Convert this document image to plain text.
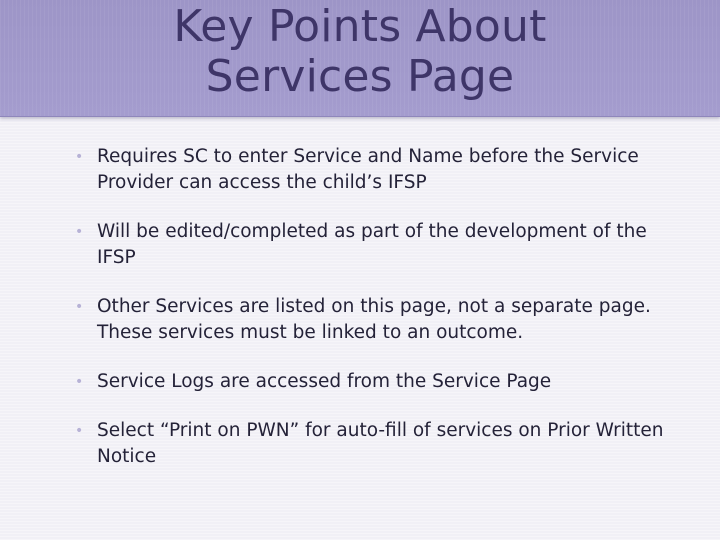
Key Points About
Services Page
• Requires SC to enter Service and Name before the Service Provider can access the child’s IFSP
• Will be edited/completed as part of the development of the IFSP
• Other Services are listed on this page, not a separate page. These services must be linked to an outcome.
• Service Logs are accessed from the Service Page
• Select “Print on PWN” for auto-fill of services on Prior Written Notice
